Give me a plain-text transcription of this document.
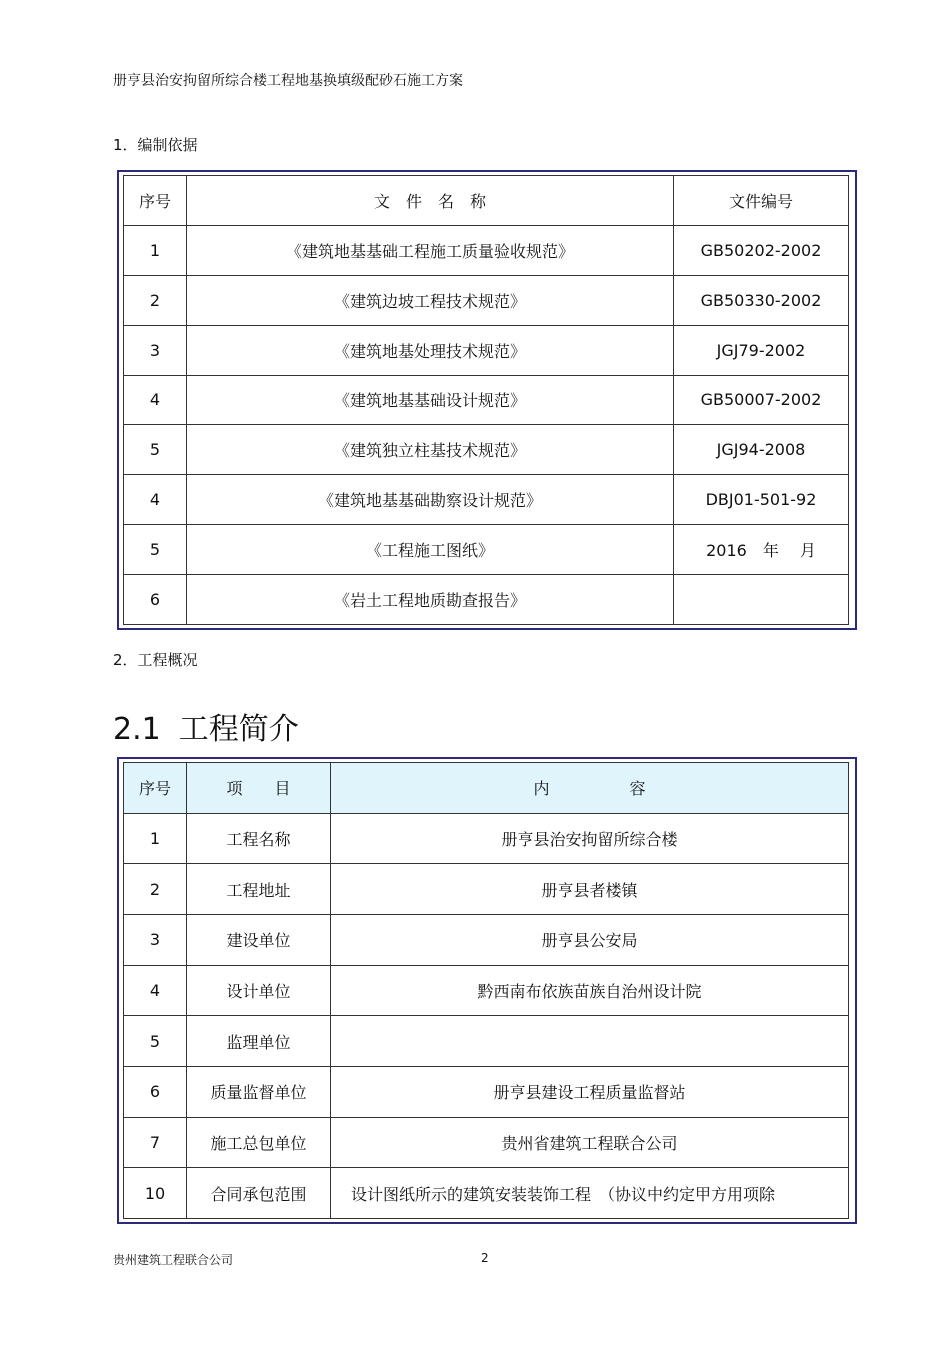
册亨县治安拘留所综合楼工程地基换填级配砂石施工方案
1．编制依据
序号	文　件　名　称	文件编号
1	《建筑地基基础工程施工质量验收规范》	GB50202-2002
2	《建筑边坡工程技术规范》	GB50330-2002
3	《建筑地基处理技术规范》	JGJ79-2002
4	《建筑地基基础设计规范》	GB50007-2002
5	《建筑独立柱基技术规范》	JGJ94-2008
4	《建筑地基基础勘察设计规范》	DBJ01-501-92
5	《工程施工图纸》	2016　年　 月
6	《岩土工程地质勘查报告》	
2．工程概况
2.1 工程简介
序号	项　　目	内　　　　　容
1	工程名称	册亨县治安拘留所综合楼
2	工程地址	册亨县者楼镇
3	建设单位	册亨县公安局
4	设计单位	黔西南布依族苗族自治州设计院
5	监理单位	
6	质量监督单位	册亨县建设工程质量监督站
7	施工总包单位	贵州省建筑工程联合公司
10	合同承包范围	设计图纸所示的建筑安装装饰工程　（协议中约定甲方用项除
贵州建筑工程联合公司	2
